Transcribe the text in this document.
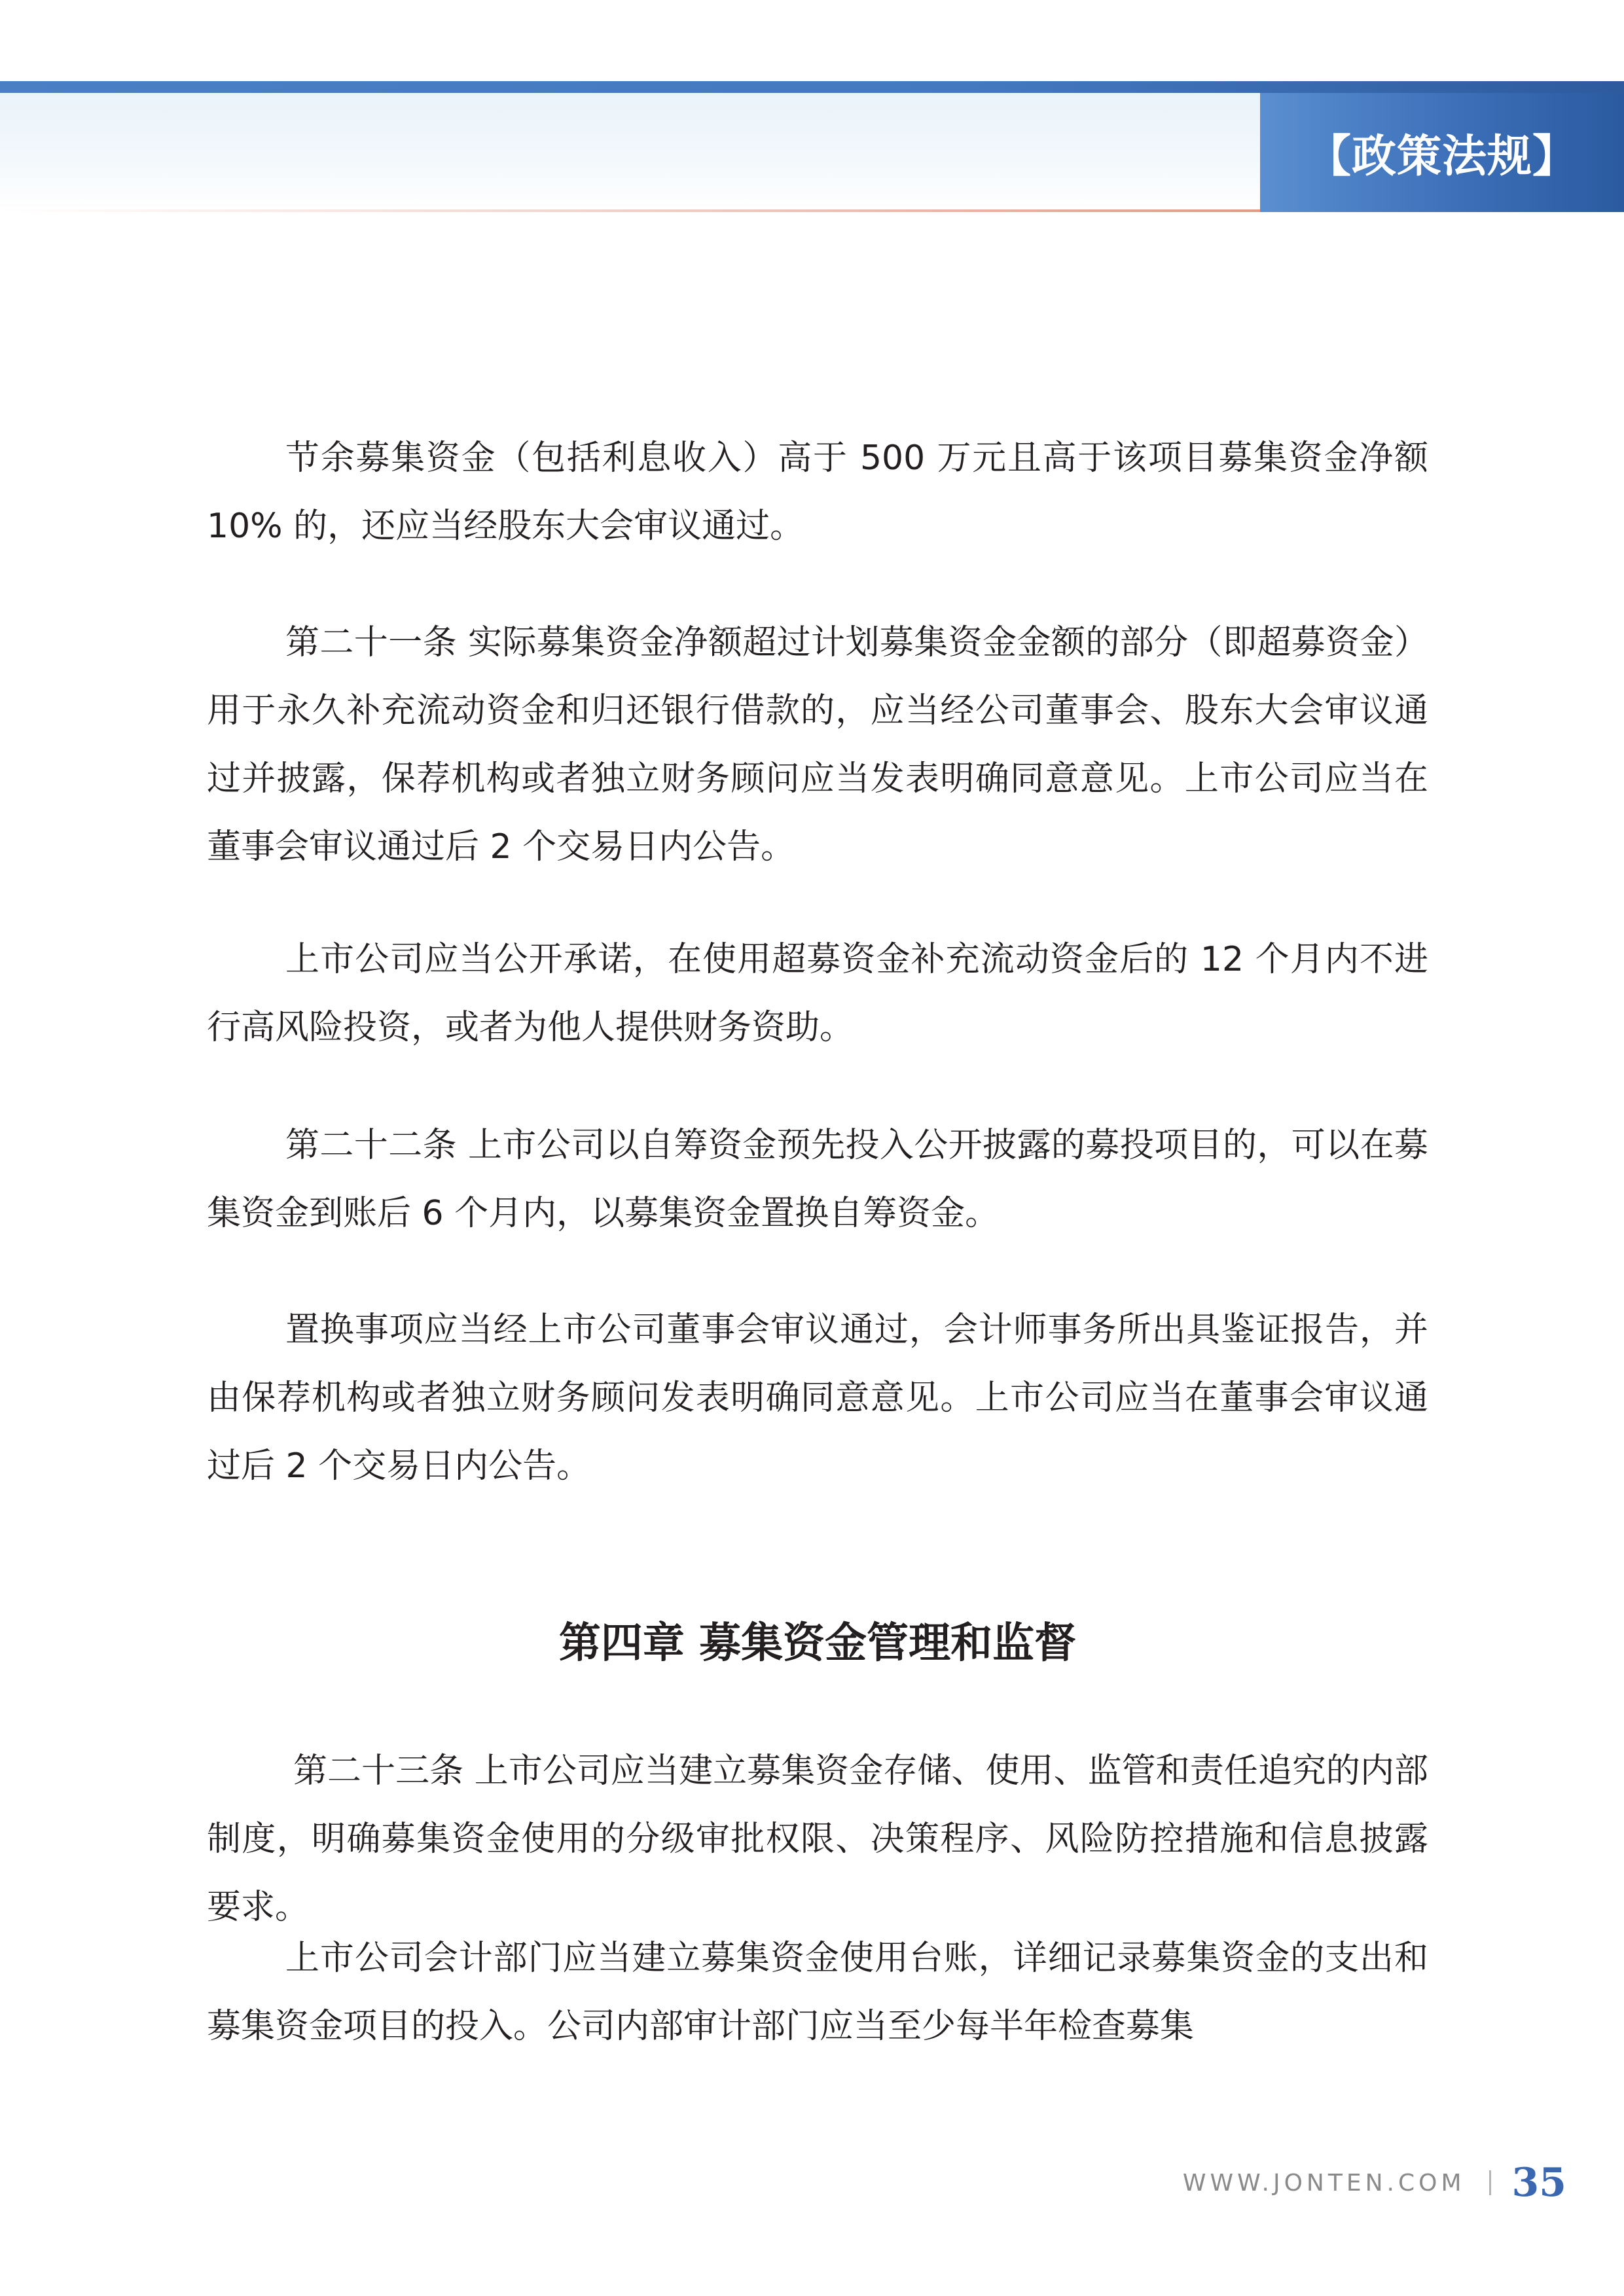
【政策法规】

节余募集资金（包括利息收入）高于 500 万元且高于该项目募集资金净额 10% 的，还应当经股东大会审议通过。

第二十一条 实际募集资金净额超过计划募集资金金额的部分（即超募资金）用于永久补充流动资金和归还银行借款的，应当经公司董事会、股东大会审议通过并披露，保荐机构或者独立财务顾问应当发表明确同意意见。上市公司应当在董事会审议通过后 2 个交易日内公告。

上市公司应当公开承诺，在使用超募资金补充流动资金后的 12 个月内不进行高风险投资，或者为他人提供财务资助。

第二十二条 上市公司以自筹资金预先投入公开披露的募投项目的，可以在募集资金到账后 6 个月内，以募集资金置换自筹资金。

置换事项应当经上市公司董事会审议通过，会计师事务所出具鉴证报告，并由保荐机构或者独立财务顾问发表明确同意意见。上市公司应当在董事会审议通过后 2 个交易日内公告。

第四章 募集资金管理和监督

第二十三条 上市公司应当建立募集资金存储、使用、监管和责任追究的内部制度，明确募集资金使用的分级审批权限、决策程序、风险防控措施和信息披露要求。

上市公司会计部门应当建立募集资金使用台账，详细记录募集资金的支出和募集资金项目的投入。公司内部审计部门应当至少每半年检查募集

WWW.JONTEN.COM 35
